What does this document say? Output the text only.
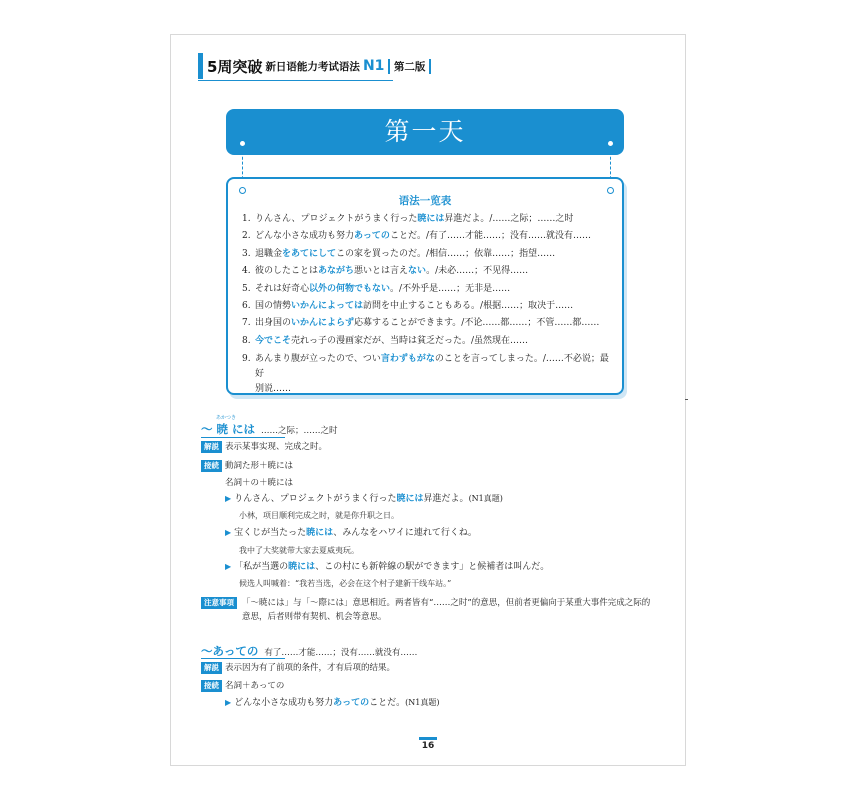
5周突破 新日语能力考试语法 N1 第二版
第一天
语法一览表
1. りんさん、プロジェクトがうまく行った暁には昇進だよ。/……之际；……之时
2. どんな小さな成功も努力あってのことだ。/有了……才能……；没有……就没有……
3. 退職金をあてにしてこの家を買ったのだ。/相信……；依靠……；指望……
4. 彼のしたことはあながち悪いとは言えない。/未必……；不见得……
5. それは好奇心以外の何物でもない。/不外乎是……；无非是……
6. 国の情勢いかんによっては訪問を中止することもある。/根据……；取决于……
7. 出身国のいかんによらず応募することができます。/不论……都……；不管……都……
8. 今でこそ売れっ子の漫画家だが、当時は貧乏だった。/虽然现在……
9. あんまり腹が立ったので、つい言わずもがなのことを言ってしまった。/……不必说；最好
别说……
あかつき
～ 暁 には ……之际；……之时
解説 表示某事实现、完成之时。
接続 動詞た形＋暁には
名詞＋の＋暁には
▶ りんさん、プロジェクトがうまく行った暁には昇進だよ。(N1真题)
小林，项目顺利完成之时，就是你升职之日。
▶ 宝くじが当たった暁には、みんなをハワイに連れて行くね。
我中了大奖就带大家去夏威夷玩。
▶ 「私が当選の暁には、この村にも新幹線の駅ができます」と候補者は叫んだ。
候选人叫喊着：“我若当选，必会在这个村子建新干线车站。”
注意事項 「～暁には」与「～際には」意思相近。两者皆有“……之时”的意思，但前者更偏向于某重大事件完成之际的意思，后者则带有契机、机会等意思。
～あっての 有了……才能……；没有……就没有……
解説 表示因为有了前项的条件，才有后项的结果。
接続 名詞＋あっての
▶ どんな小さな成功も努力あってのことだ。(N1真题)
16
